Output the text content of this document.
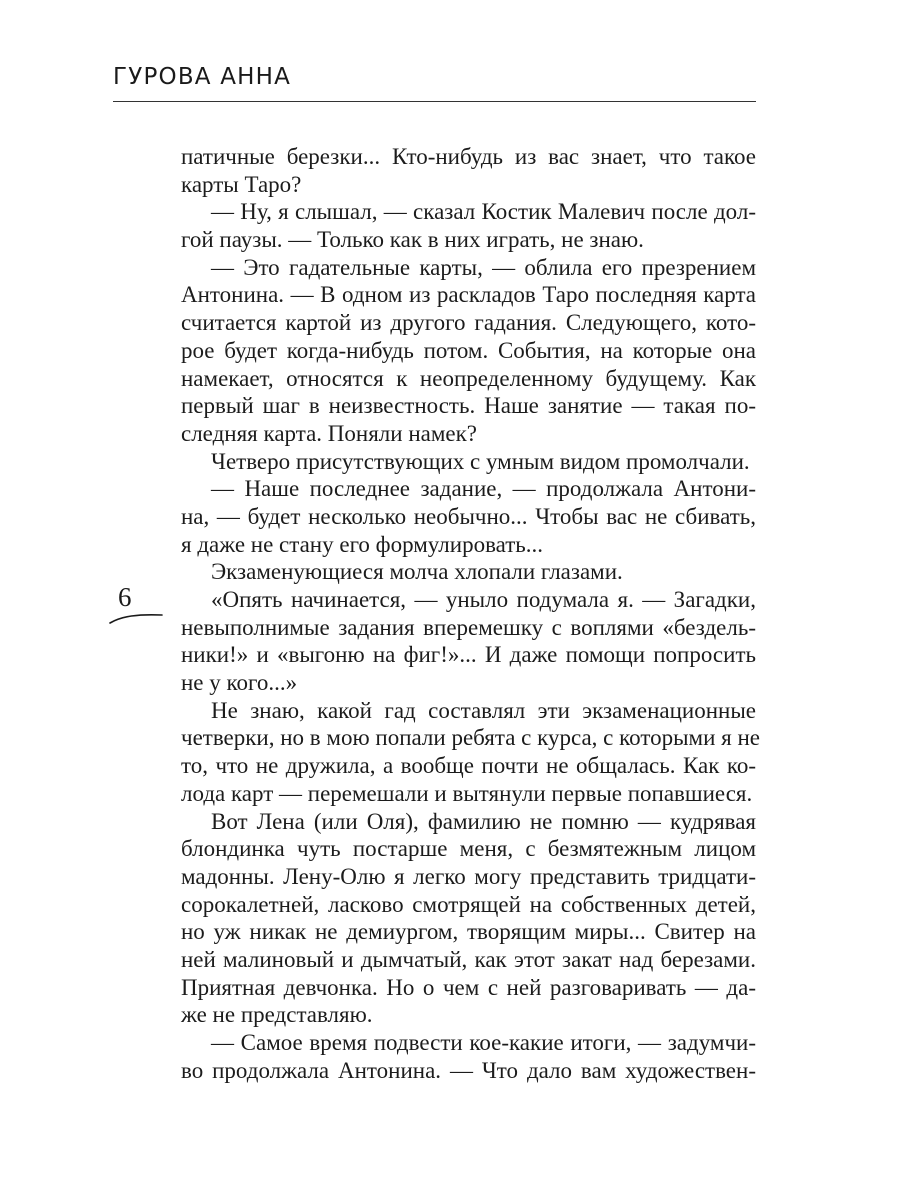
ГУРОВА АННА
6
патичные березки... Кто-нибудь из вас знает, что такое
карты Таро?
— Ну, я слышал, — сказал Костик Малевич после дол-
гой паузы. — Только как в них играть, не знаю.
— Это гадательные карты, — облила его презрением
Антонина. — В одном из раскладов Таро последняя карта
считается картой из другого гадания. Следующего, кото-
рое будет когда-нибудь потом. События, на которые она
намекает, относятся к неопределенному будущему. Как
первый шаг в неизвестность. Наше занятие — такая по-
следняя карта. Поняли намек?
Четверо присутствующих с умным видом промолчали.
— Наше последнее задание, — продолжала Антони-
на, — будет несколько необычно... Чтобы вас не сбивать,
я даже не стану его формулировать...
Экзаменующиеся молча хлопали глазами.
«Опять начинается, — уныло подумала я. — Загадки,
невыполнимые задания вперемешку с воплями «бездель-
ники!» и «выгоню на фиг!»... И даже помощи попросить
не у кого...»
Не знаю, какой гад составлял эти экзаменационные
четверки, но в мою попали ребята с курса, с которыми я не
то, что не дружила, а вообще почти не общалась. Как ко-
лода карт — перемешали и вытянули первые попавшиеся.
Вот Лена (или Оля), фамилию не помню — кудрявая
блондинка чуть постарше меня, с безмятежным лицом
мадонны. Лену-Олю я легко могу представить тридцати-
сорокалетней, ласково смотрящей на собственных детей,
но уж никак не демиургом, творящим миры... Свитер на
ней малиновый и дымчатый, как этот закат над березами.
Приятная девчонка. Но о чем с ней разговаривать — да-
же не представляю.
— Самое время подвести кое-какие итоги, — задумчи-
во продолжала Антонина. — Что дало вам художествен-
